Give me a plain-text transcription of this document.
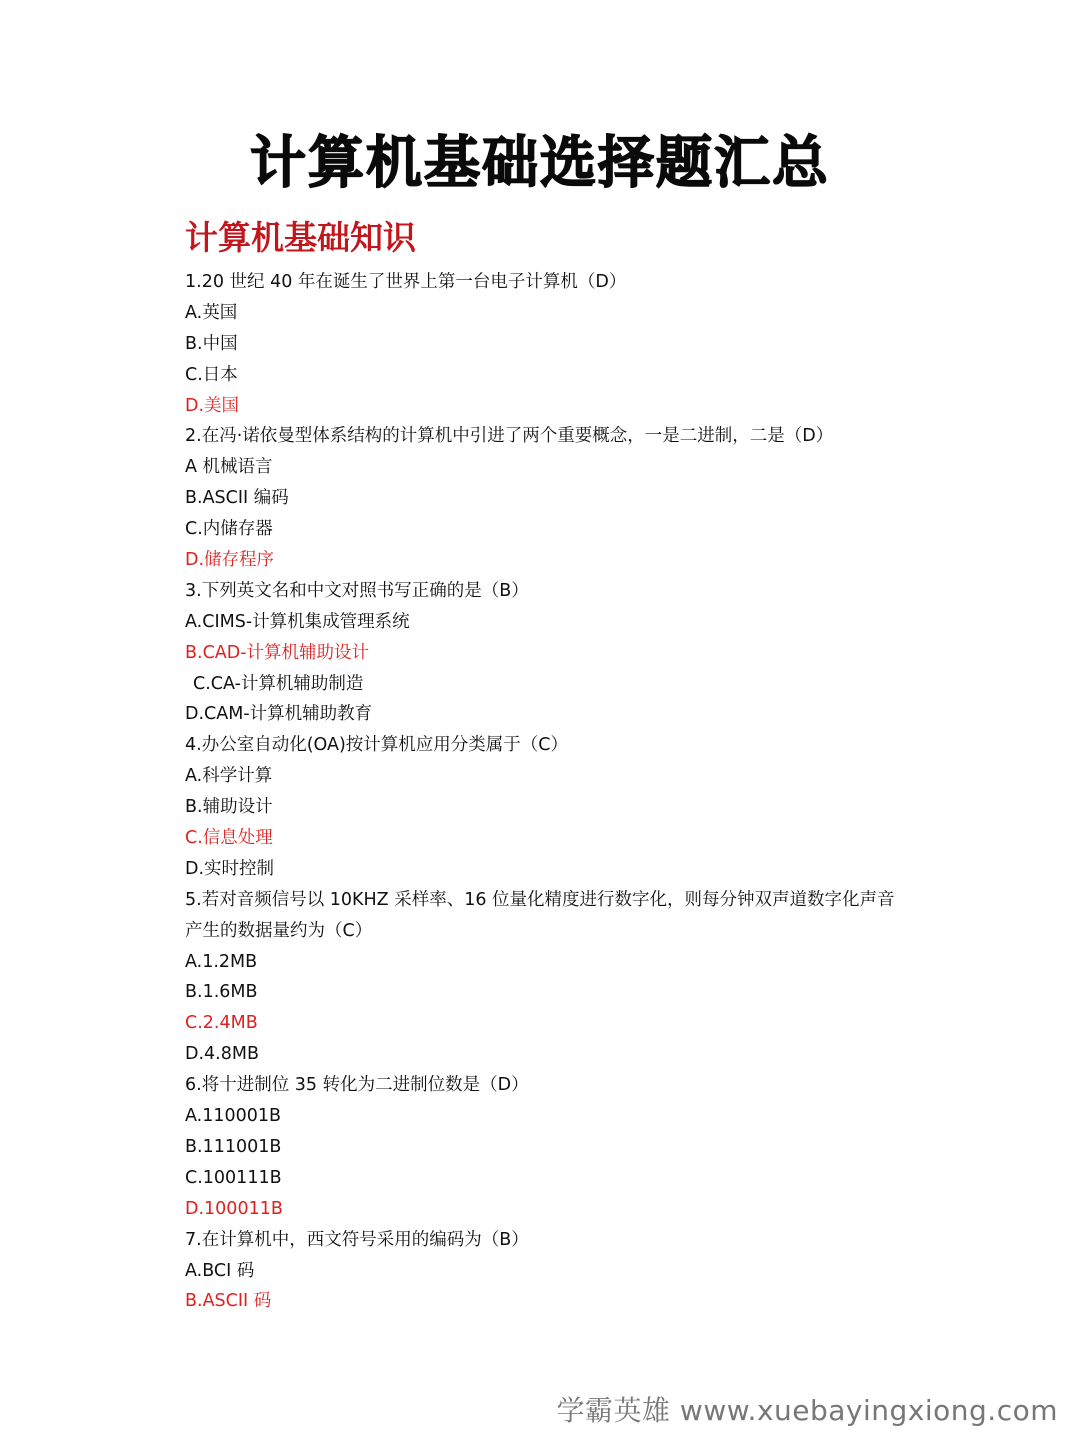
计算机基础选择题汇总
计算机基础知识
1.20 世纪 40 年在诞生了世界上第一台电子计算机（D）
A.英国
B.中国
C.日本
D.美国
2.在冯·诺依曼型体系结构的计算机中引进了两个重要概念，一是二进制，二是（D）
A 机械语言
B.ASCII 编码
C.内储存器
D.储存程序
3.下列英文名和中文对照书写正确的是（B）
A.CIMS-计算机集成管理系统
B.CAD-计算机辅助设计
C.CA-计算机辅助制造
D.CAM-计算机辅助教育
4.办公室自动化(OA)按计算机应用分类属于（C）
A.科学计算
B.辅助设计
C.信息处理
D.实时控制
5.若对音频信号以 10KHZ 采样率、16 位量化精度进行数字化，则每分钟双声道数字化声音
产生的数据量约为（C）
A.1.2MB
B.1.6MB
C.2.4MB
D.4.8MB
6.将十进制位 35 转化为二进制位数是（D）
A.110001B
B.111001B
C.100111B
D.100011B
7.在计算机中，西文符号采用的编码为（B）
A.BCI 码
B.ASCII 码
学霸英雄 www.xuebayingxiong.com
